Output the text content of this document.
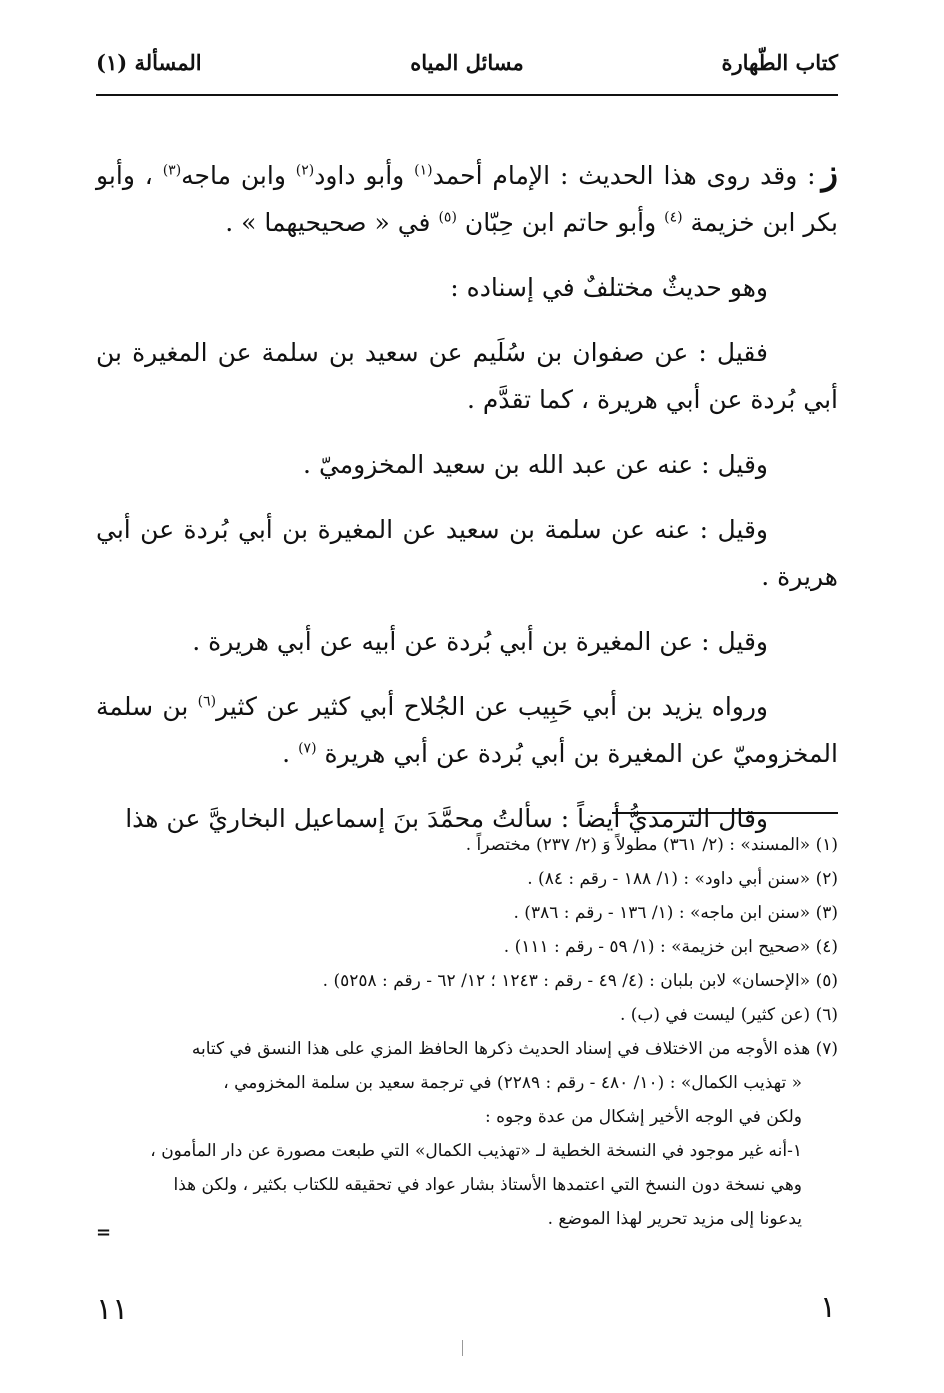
كتاب الطّهارة
مسائل المياه
المسألة (١)

ز: وقد روى هذا الحديث : الإمام أحمد$^{(١)}$ وأبو داود$^{(٢)}$ وابن ماجه$^{(٣)}$ ، وأبو بكر ابن خزيمة $^{(٤)}$ وأبو حاتم ابن حِبّان $^{(٥)}$ في « صحيحيهما » .

وهو حديثٌ مختلفٌ في إسناده :

فقيل : عن صفوان بن سُلَيم عن سعيد بن سلمة عن المغيرة بن أبي بُردة عن أبي هريرة ، كما تقدَّم .

وقيل : عنه عن عبد الله بن سعيد المخزوميّ .

وقيل : عنه عن سلمة بن سعيد عن المغيرة بن أبي بُردة عن أبي هريرة .

وقيل : عن المغيرة بن أبي بُردة عن أبيه عن أبي هريرة .

ورواه يزيد بن أبي حَبِيب عن الجُلاح أبي كثير عن كثير$^{(٦)}$ بن سلمة المخزوميّ عن المغيرة بن أبي بُردة عن أبي هريرة $^{(٧)}$ .

وقال الترمذيُّ أيضاً : سألتُ محمَّدَ بنَ إسماعيل البخاريَّ عن هذا

(١) «المسند» : (٢/ ٣٦١) مطولاً وَ (٢/ ٢٣٧) مختصراً .

(٢) «سنن أبي داود» : (١/ ١٨٨ - رقم : ٨٤) .

(٣) «سنن ابن ماجه» : (١/ ١٣٦ - رقم : ٣٨٦) .

(٤) «صحيح ابن خزيمة» : (١/ ٥٩ - رقم : ١١١) .

(٥) «الإحسان» لابن بلبان : (٤/ ٤٩ - رقم : ١٢٤٣ ؛ ١٢/ ٦٢ - رقم : ٥٢٥٨) .

(٦) (عن كثير) ليست في (ب) .

(٧) هذه الأوجه من الاختلاف في إسناد الحديث ذكرها الحافظ المزي على هذا النسق في كتابه

« تهذيب الكمال» : (١٠/ ٤٨٠ - رقم : ٢٢٨٩) في ترجمة سعيد بن سلمة المخزومي ،

ولكن في الوجه الأخير إشكال من عدة وجوه :

١-أنه غير موجود في النسخة الخطية لـ «تهذيب الكمال» التي طبعت مصورة عن دار المأمون ،

وهي نسخة دون النسخ التي اعتمدها الأستاذ بشار عواد في تحقيقه للكتاب بكثير ، ولكن هذا

يدعونا إلى مزيد تحرير لهذا الموضع .

=
١
١١
